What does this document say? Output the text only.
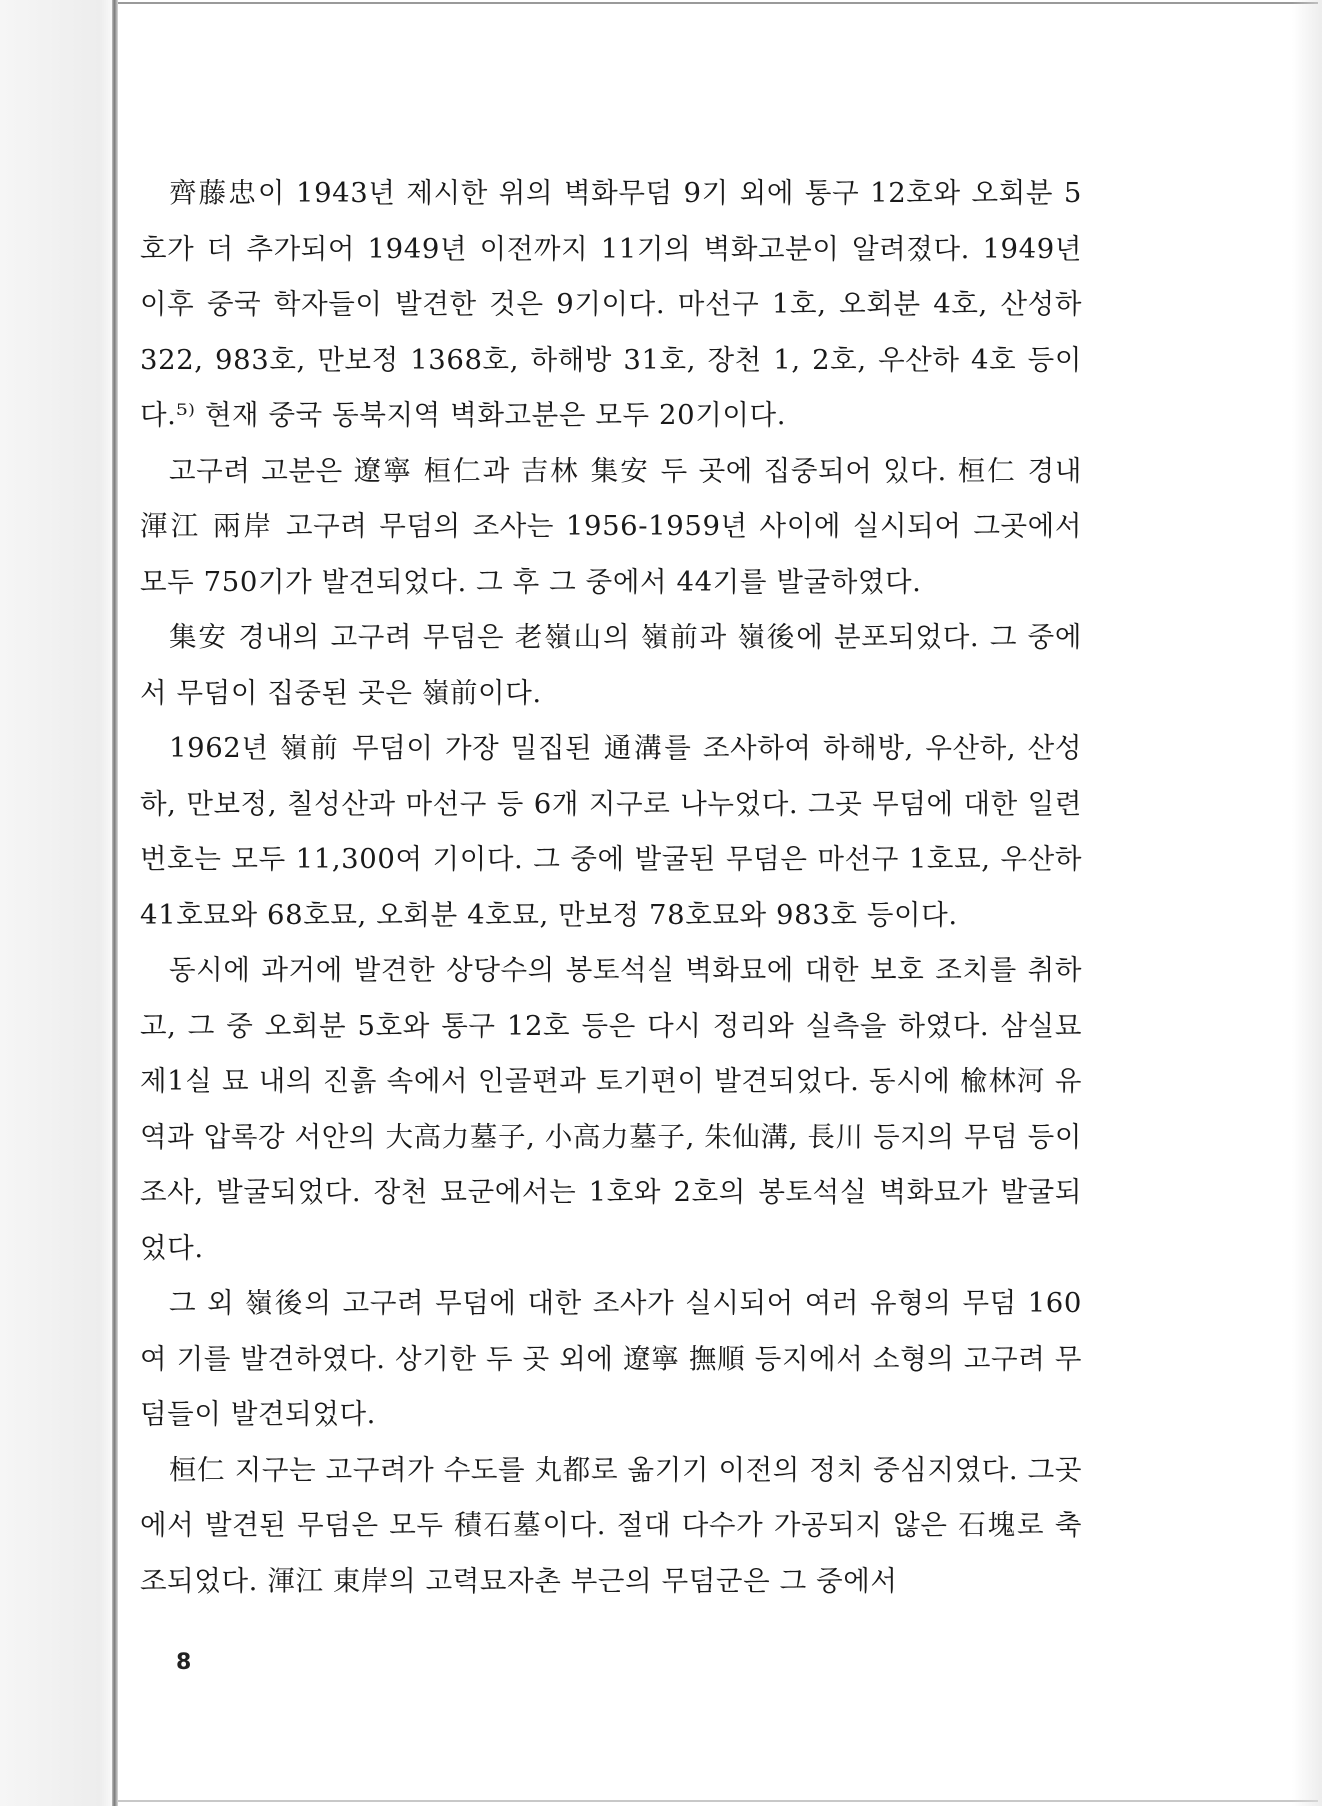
齊藤忠이 1943년 제시한 위의 벽화무덤 9기 외에 통구 12호와 오회분 5호가 더 추가되어 1949년 이전까지 11기의 벽화고분이 알려졌다. 1949년 이후 중국 학자들이 발견한 것은 9기이다. 마선구 1호, 오회분 4호, 산성하 322, 983호, 만보정 1368호, 하해방 31호, 장천 1, 2호, 우산하 4호 등이다.⁵⁾ 현재 중국 동북지역 벽화고분은 모두 20기이다.

고구려 고분은 遼寧 桓仁과 吉林 集安 두 곳에 집중되어 있다. 桓仁 경내 渾江 兩岸 고구려 무덤의 조사는 1956-1959년 사이에 실시되어 그곳에서 모두 750기가 발견되었다. 그 후 그 중에서 44기를 발굴하였다.

集安 경내의 고구려 무덤은 老嶺山의 嶺前과 嶺後에 분포되었다. 그 중에서 무덤이 집중된 곳은 嶺前이다.

1962년 嶺前 무덤이 가장 밀집된 通溝를 조사하여 하해방, 우산하, 산성하, 만보정, 칠성산과 마선구 등 6개 지구로 나누었다. 그곳 무덤에 대한 일련 번호는 모두 11,300여 기이다. 그 중에 발굴된 무덤은 마선구 1호묘, 우산하 41호묘와 68호묘, 오회분 4호묘, 만보정 78호묘와 983호 등이다.

동시에 과거에 발견한 상당수의 봉토석실 벽화묘에 대한 보호 조치를 취하고, 그 중 오회분 5호와 통구 12호 등은 다시 정리와 실측을 하였다. 삼실묘 제1실 묘 내의 진흙 속에서 인골편과 토기편이 발견되었다. 동시에 楡林河 유역과 압록강 서안의 大高力墓子, 小高力墓子, 朱仙溝, 長川 등지의 무덤 등이 조사, 발굴되었다. 장천 묘군에서는 1호와 2호의 봉토석실 벽화묘가 발굴되었다.

그 외 嶺後의 고구려 무덤에 대한 조사가 실시되어 여러 유형의 무덤 160여 기를 발견하였다. 상기한 두 곳 외에 遼寧 撫順 등지에서 소형의 고구려 무덤들이 발견되었다.

桓仁 지구는 고구려가 수도를 丸都로 옮기기 이전의 정치 중심지였다. 그곳에서 발견된 무덤은 모두 積石墓이다. 절대 다수가 가공되지 않은 石塊로 축조되었다. 渾江 東岸의 고력묘자촌 부근의 무덤군은 그 중에서

8
